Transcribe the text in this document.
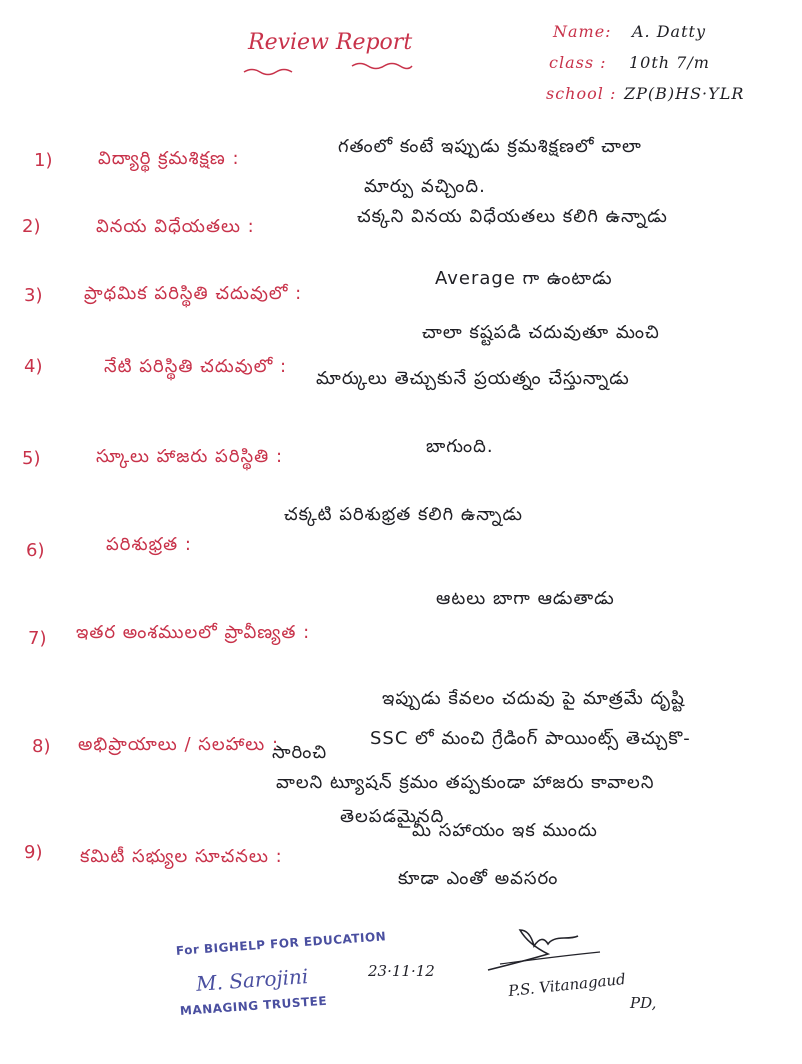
Review Report	Name: A. Datty
class : 10th 7/m
school : ZP(B)HS·YLR
1)	విద్యార్థి క్రమశిక్షణ :
గతంలో కంటే ఇప్పుడు క్రమశిక్షణలో చాలా
మార్పు వచ్చింది.
2)	వినయ విధేయతలు :	చక్కని వినయ విధేయతలు కలిగి ఉన్నాడు
3) ప్రాథమిక పరిస్థితి చదువులో :
Average గా ఉంటాడు
4)	నేటి పరిస్థితి చదువులో :
చాలా కష్టపడి చదువుతూ మంచి
మార్కులు తెచ్చుకునే ప్రయత్నం చేస్తున్నాడు
5)	స్కూలు హాజరు పరిస్థితి :	బాగుంది.
6)	పరిశుభ్రత :
చక్కటి పరిశుభ్రత కలిగి ఉన్నాడు
7) ఇతర అంశములలో ప్రావీణ్యత :
ఆటలు బాగా ఆడుతాడు
8) అభిప్రాయాలు / సలహాలు :
ఇప్పుడు కేవలం చదువు పై మాత్రమే దృష్టి
SSC లో మంచి గ్రేడింగ్ పాయింట్స్ తెచ్చుకొ-
సారించి
వాలని ట్యూషన్ క్రమం తప్పకుండా హాజరు కావాలని
తెలపడమైనది
9) కమిటీ సభ్యుల సూచనలు :
మీ సహాయం ఇక ముందు
కూడా ఎంతో అవసరం
For BIGHELP FOR EDUCATION
M. Sarojini
MANAGING TRUSTEE
23·11·12	P.S. Vitanagaud
PD,
